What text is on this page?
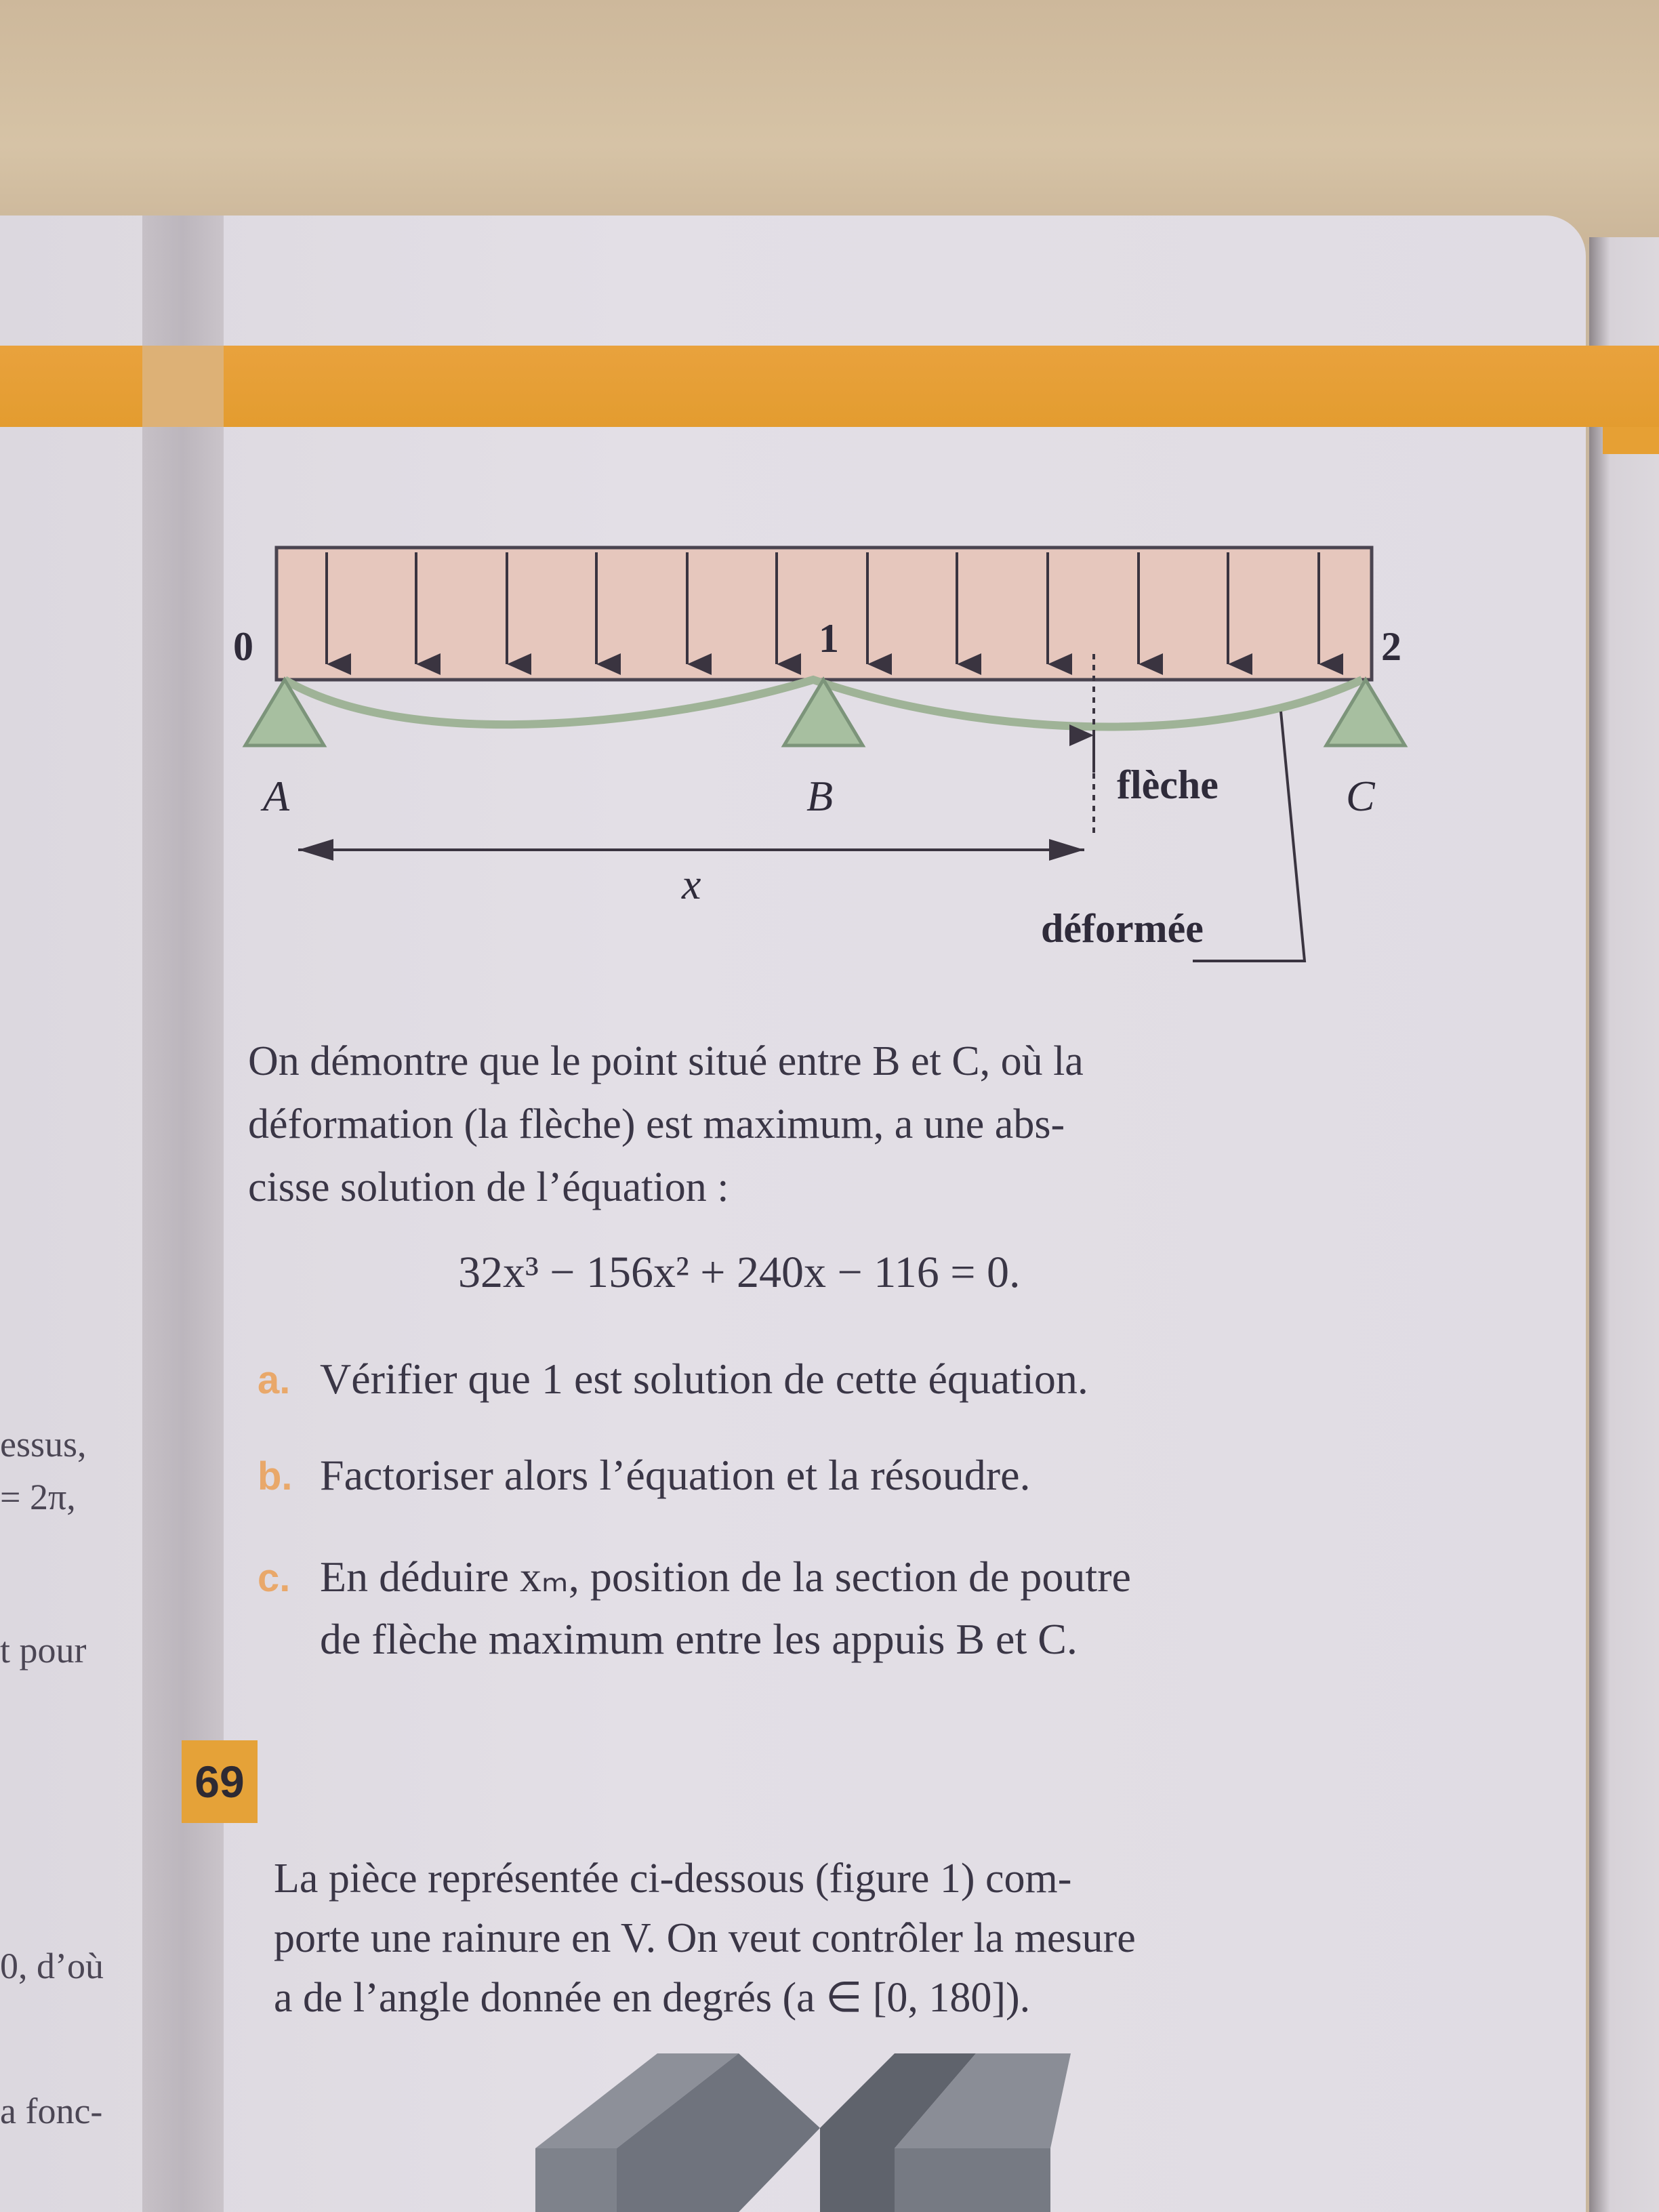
essus,
= 2π,
t pour
0, d’où
a fonc-
0	1	2
A	B	C
flèche
x
déformée
On démontre que le point situé entre B et C, où la
déformation (la flèche) est maximum, a une abs-
cisse solution de l’équation :
32x³ − 156x² + 240x − 116 = 0.
a. Vérifier que 1 est solution de cette équation.
b. Factoriser alors l’équation et la résoudre.
c. En déduire xₘ, position de la section de poutre
de flèche maximum entre les appuis B et C.
69
La pièce représentée ci-dessous (figure 1) com-
porte une rainure en V. On veut contrôler la mesure
a de l’angle donnée en degrés (a ∈ [0, 180]).
